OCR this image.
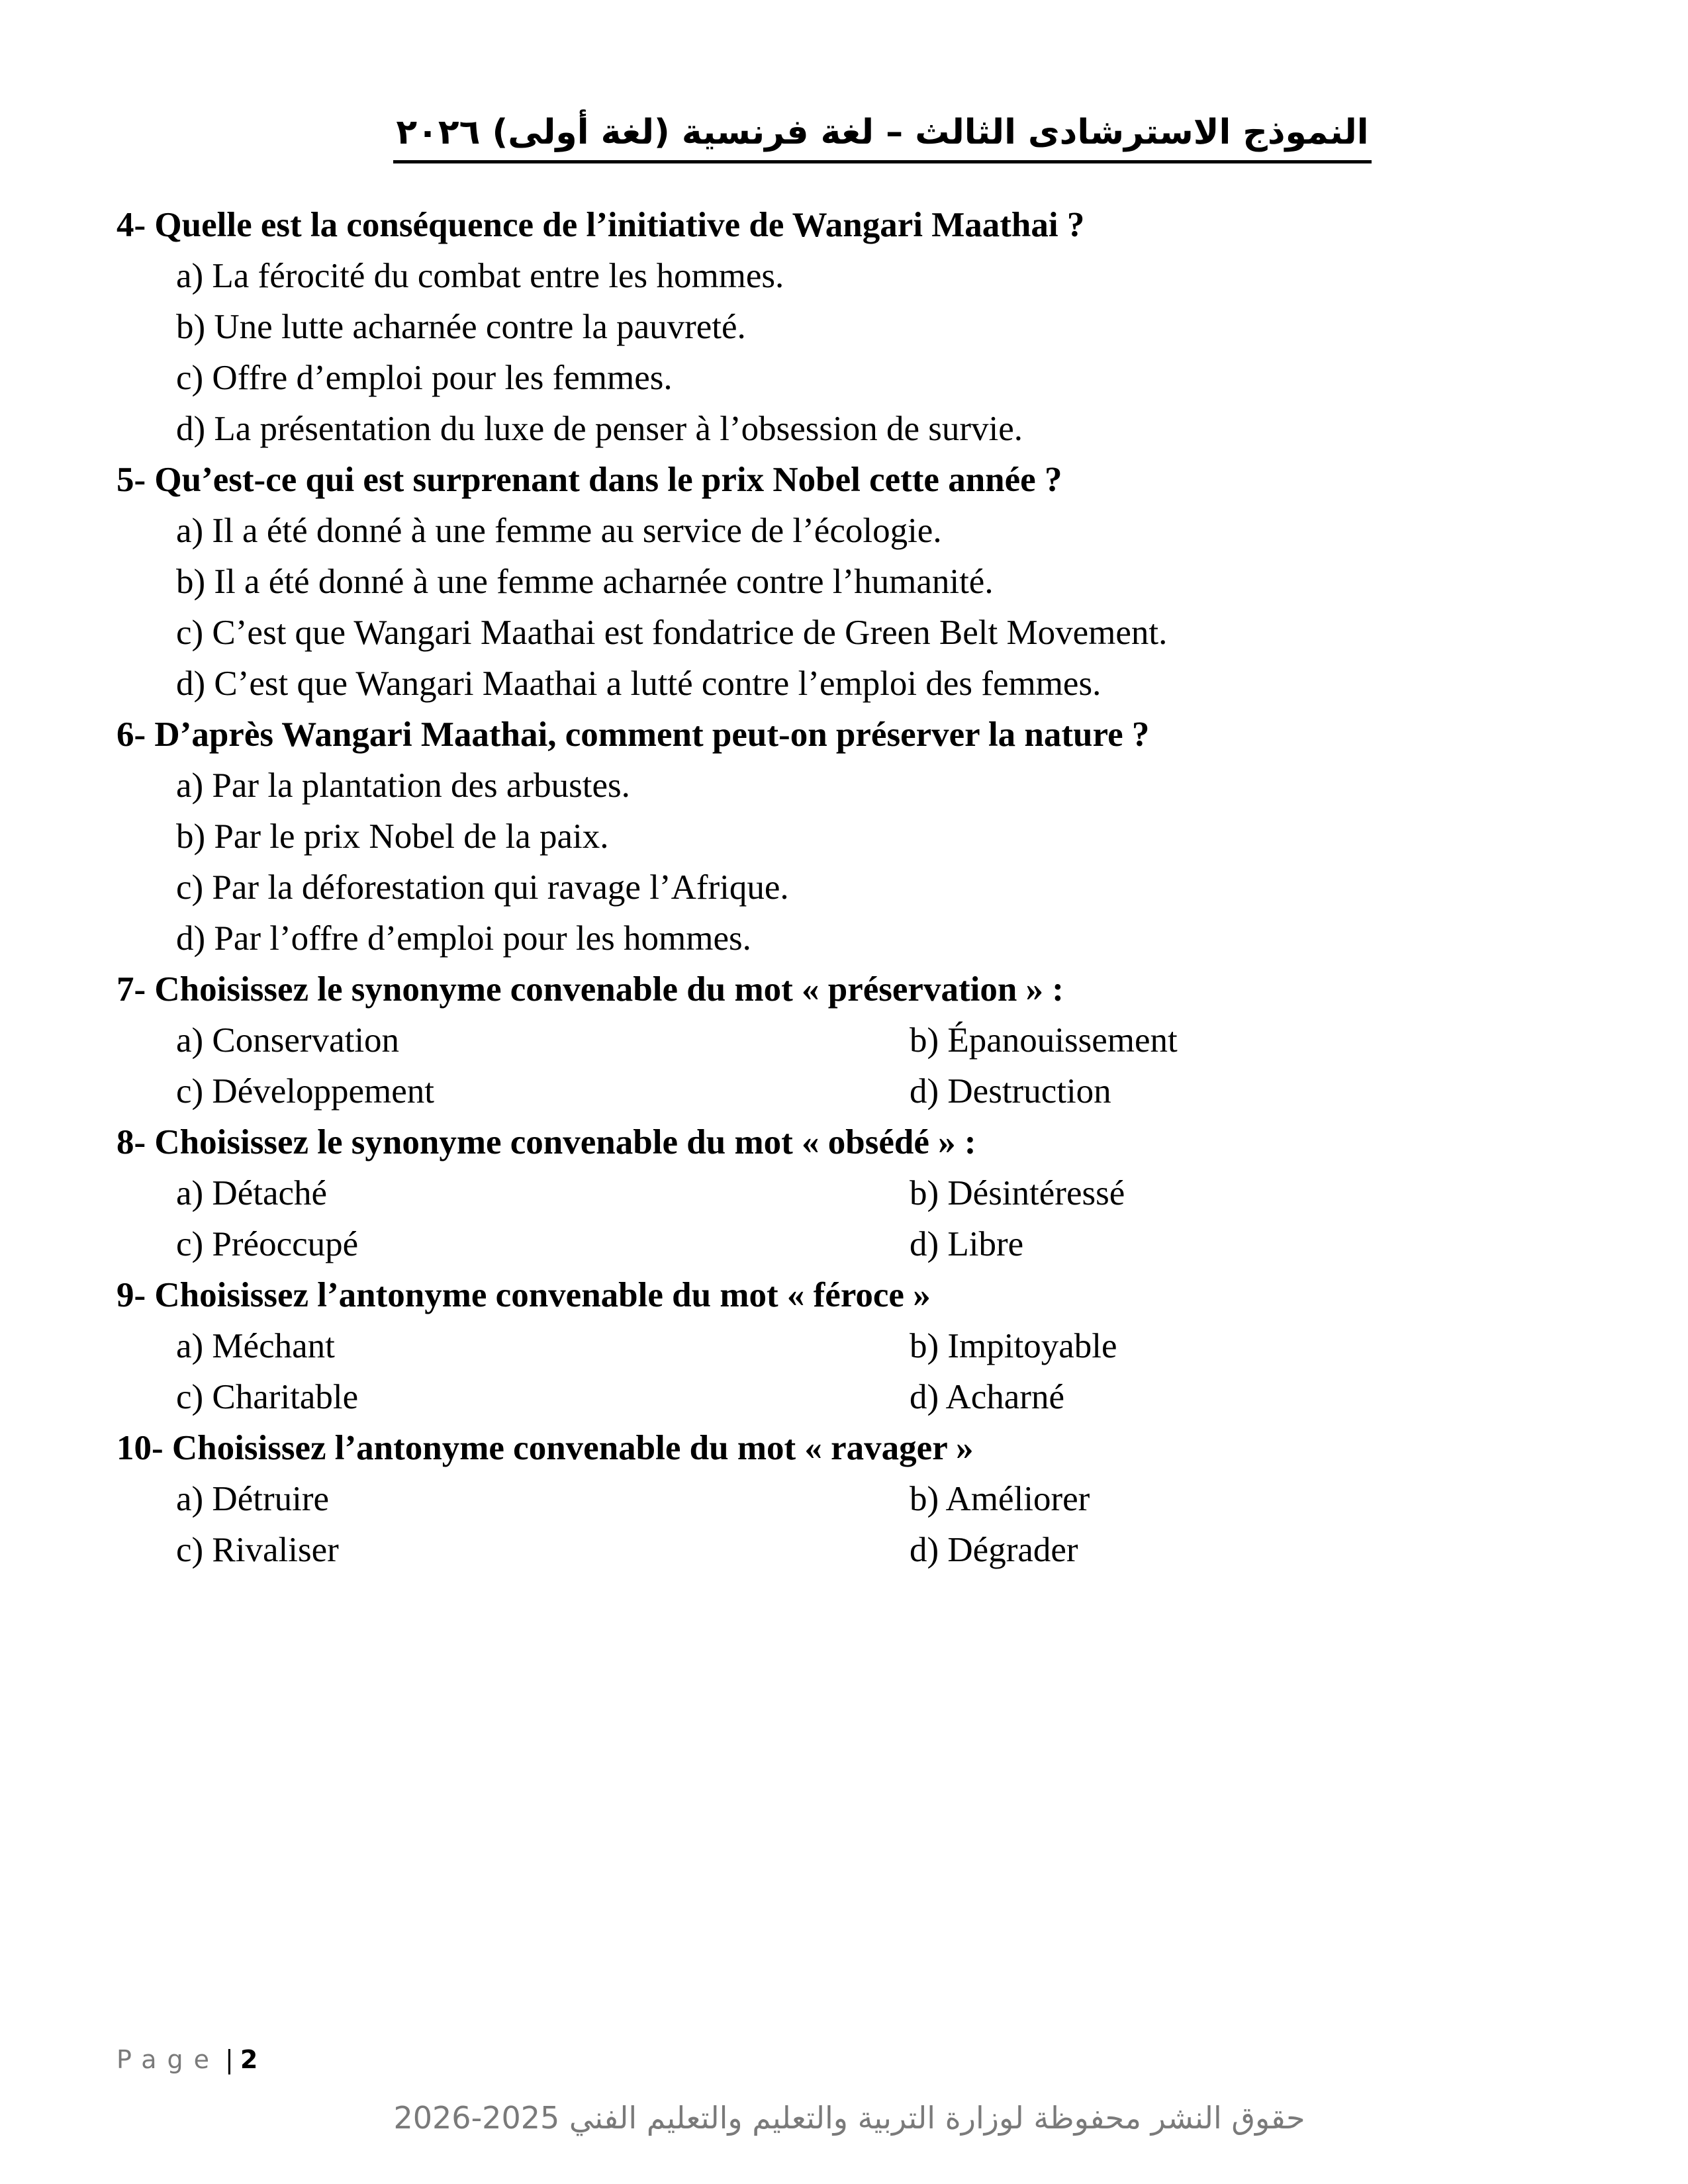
النموذج الاسترشادى الثالث – لغة فرنسية (لغة أولى) ٢٠٢٦
4- Quelle est la conséquence de l’initiative de Wangari Maathai ?
a) La férocité du combat entre les hommes.
b) Une lutte acharnée contre la pauvreté.
c) Offre d’emploi pour les femmes.
d) La présentation du luxe de penser à l’obsession de survie.
5- Qu’est-ce qui est surprenant dans le prix Nobel cette année ?
a) Il a été donné à une femme au service de l’écologie.
b) Il a été donné à une femme acharnée contre l’humanité.
c) C’est que Wangari Maathai est fondatrice de Green Belt Movement.
d) C’est que Wangari Maathai a lutté contre l’emploi des femmes.
6- D’après Wangari Maathai, comment peut-on préserver la nature ?
a) Par la plantation des arbustes.
b) Par le prix Nobel de la paix.
c) Par la déforestation qui ravage l’Afrique.
d) Par l’offre d’emploi pour les hommes.
7- Choisissez le synonyme convenable du mot « préservation » :
a) Conservation	b) Épanouissement
c) Développement	d) Destruction
8- Choisissez le synonyme convenable du mot « obsédé » :
a) Détaché	b) Désintéressé
c) Préoccupé	d) Libre
9- Choisissez l’antonyme convenable du mot « féroce »
a) Méchant	b) Impitoyable
c) Charitable	d) Acharné
10- Choisissez l’antonyme convenable du mot « ravager »
a) Détruire	b) Améliorer
c) Rivaliser	d) Dégrader
Page | 2
حقوق النشر محفوظة لوزارة التربية والتعليم والتعليم الفني 2025-2026
